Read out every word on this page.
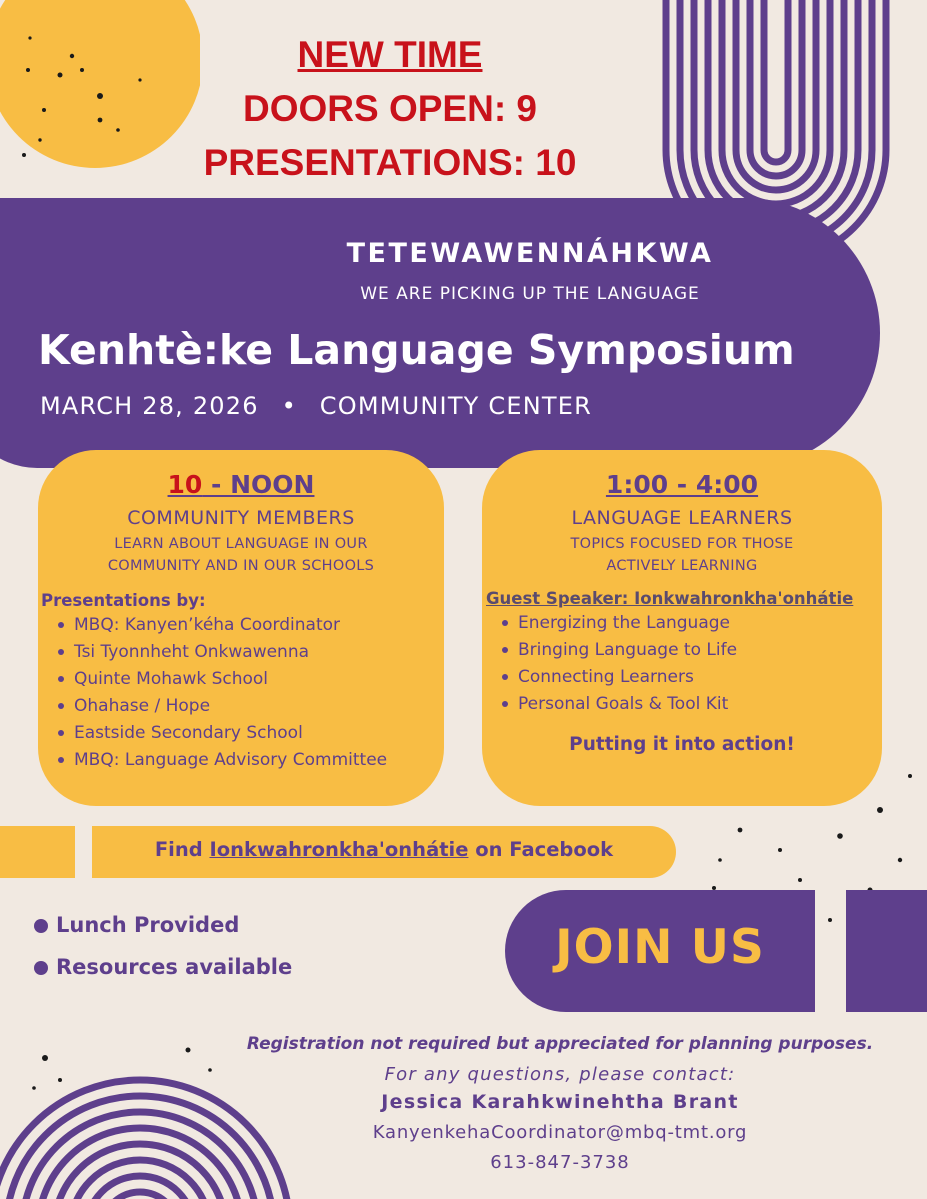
NEW TIME
DOORS OPEN: 9
PRESENTATIONS: 10
TETEWAWENNÁHKWA
WE ARE PICKING UP THE LANGUAGE
Kenhtè:ke Language Symposium
MARCH 28, 2026 • COMMUNITY CENTER
10 - NOON
COMMUNITY MEMBERS
LEARN ABOUT LANGUAGE IN OUR
COMMUNITY AND IN OUR SCHOOLS
Presentations by:
MBQ: Kanyen’kéha Coordinator
Tsi Tyonnheht Onkwawenna
Quinte Mohawk School
Ohahase / Hope
Eastside Secondary School
MBQ: Language Advisory Committee
1:00 - 4:00
LANGUAGE LEARNERS
TOPICS FOCUSED FOR THOSE
ACTIVELY LEARNING
Guest Speaker: Ionkwahronkha'onhátie
Energizing the Language
Bringing Language to Life
Connecting Learners
Personal Goals & Tool Kit
Putting it into action!
Find Ionkwahronkha'onhátie on Facebook
Lunch Provided
Resources available	JOIN US
Registration not required but appreciated for planning purposes.
For any questions, please contact:
Jessica Karahkwinehtha Brant
KanyenkehaCoordinator@mbq-tmt.org
613-847-3738
